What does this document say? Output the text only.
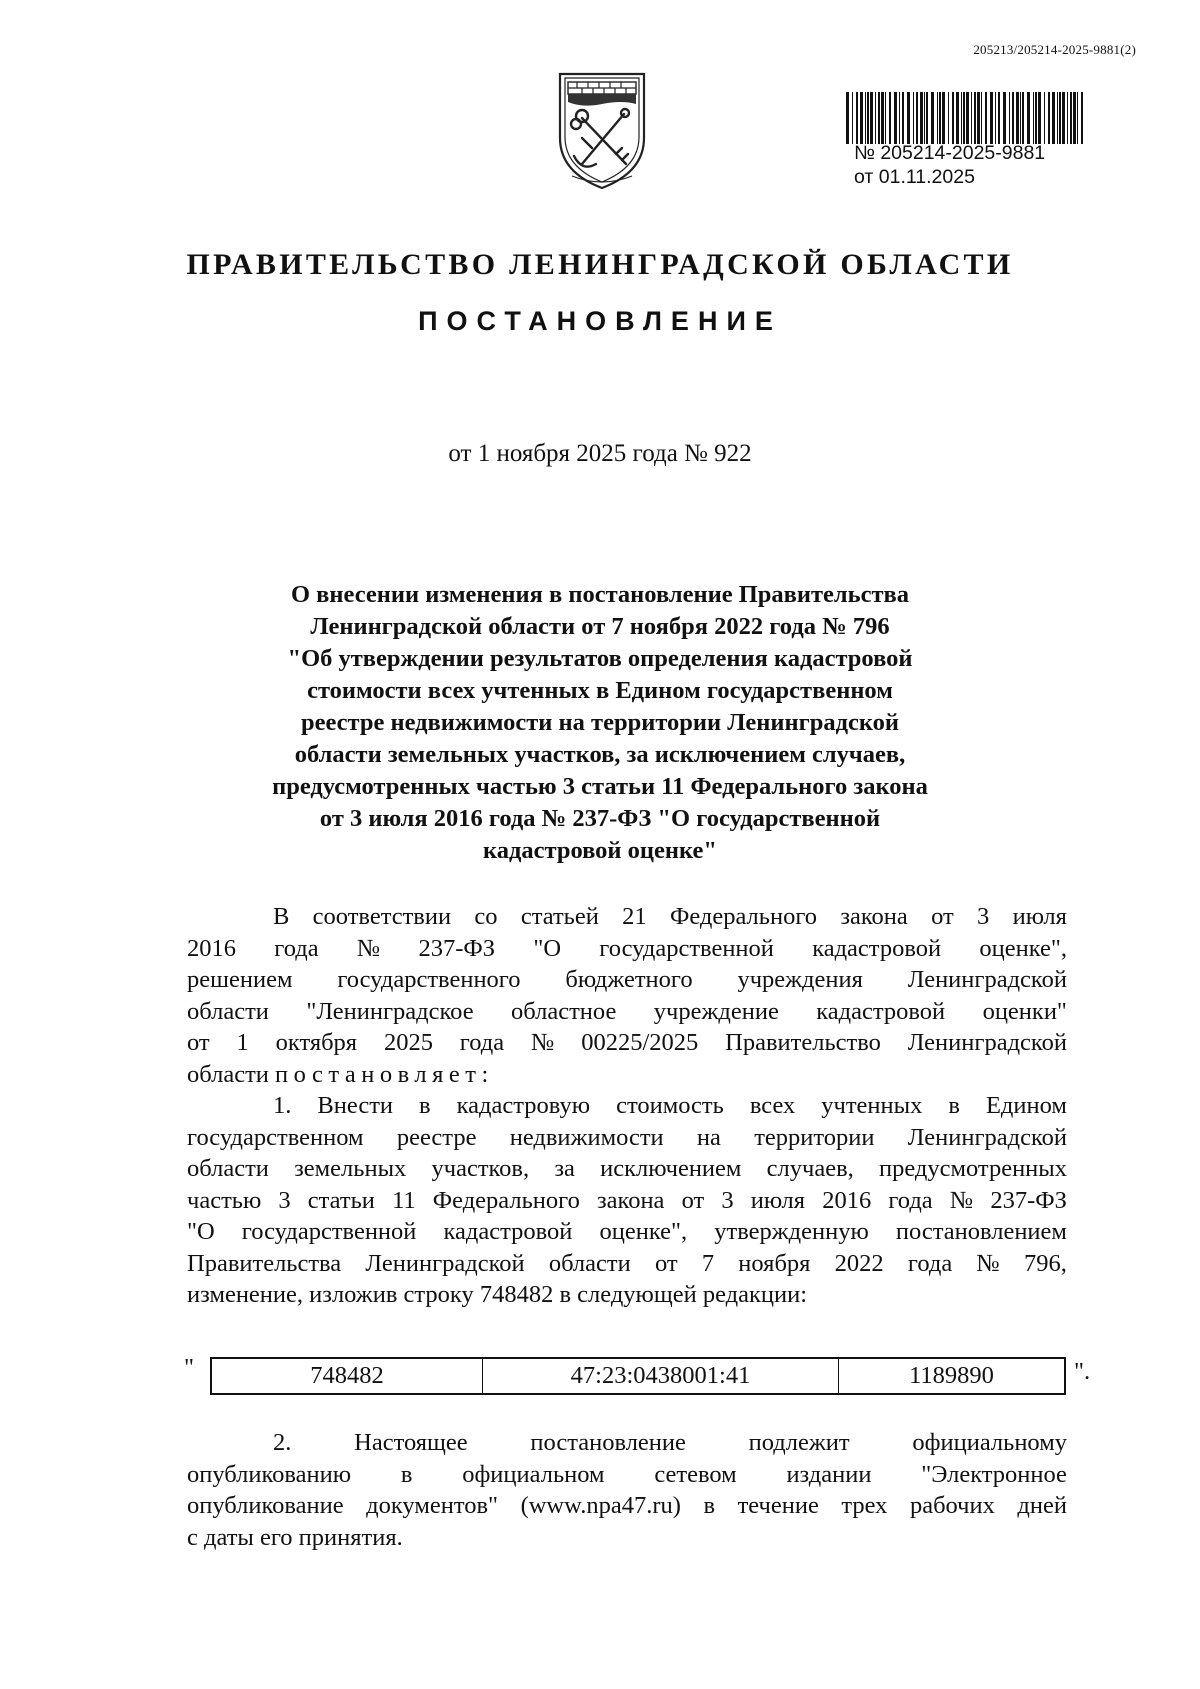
205213/205214-2025-9881(2)
№ 205214-2025-9881
от 01.11.2025
ПРАВИТЕЛЬСТВО ЛЕНИНГРАДСКОЙ ОБЛАСТИ
ПОСТАНОВЛЕНИЕ
от 1 ноября 2025 года № 922
О внесении изменения в постановление Правительства
Ленинградской области от 7 ноября 2022 года № 796
"Об утверждении результатов определения кадастровой
стоимости всех учтенных в Едином государственном
реестре недвижимости на территории Ленинградской
области земельных участков, за исключением случаев,
предусмотренных частью 3 статьи 11 Федерального закона
от 3 июля 2016 года № 237-ФЗ "О государственной
кадастровой оценке"
В соответствии со статьей 21 Федерального закона от 3 июля
2016 года № 237-ФЗ "О государственной кадастровой оценке",
решением государственного бюджетного учреждения Ленинградской
области "Ленинградское областное учреждение кадастровой оценки"
от 1 октября 2025 года № 00225/2025 Правительство Ленинградской
области постановляет:
1. Внести в кадастровую стоимость всех учтенных в Едином
государственном реестре недвижимости на территории Ленинградской
области земельных участков, за исключением случаев, предусмотренных
частью 3 статьи 11 Федерального закона от 3 июля 2016 года № 237-ФЗ
"О государственной кадастровой оценке", утвержденную постановлением
Правительства Ленинградской области от 7 ноября 2022 года № 796,
изменение, изложив строку 748482 в следующей редакции:
"	748482	47:23:0438001:41	1189890	".
2.	Настоящее	постановление	подлежит	официальному
опубликованию в официальном сетевом издании "Электронное
опубликование документов" (www.npa47.ru) в течение трех рабочих дней
с даты его принятия.
